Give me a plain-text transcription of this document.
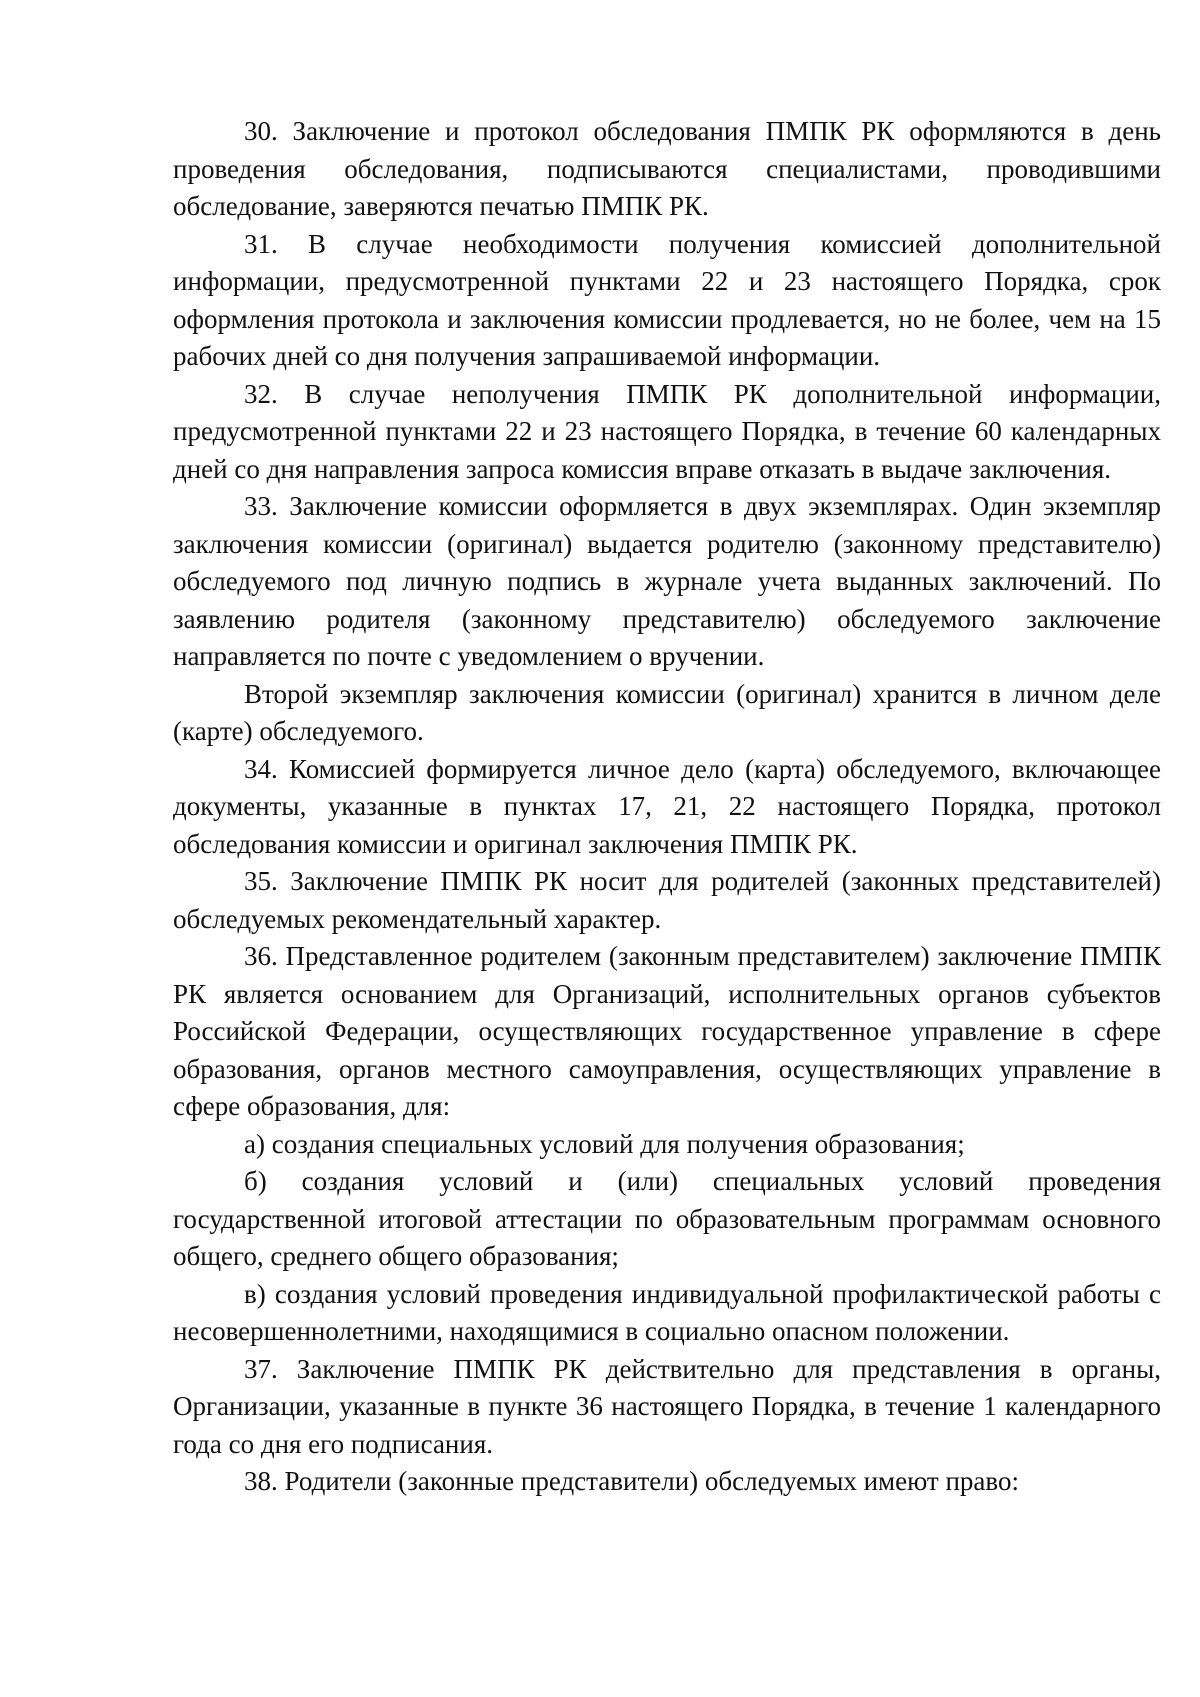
30. Заключение и протокол обследования ПМПК РК оформляются в день проведения обследования, подписываются специалистами, проводившими обследование, заверяются печатью ПМПК РК.

31. В случае необходимости получения комиссией дополнительной информации, предусмотренной пунктами 22 и 23 настоящего Порядка, срок оформления протокола и заключения комиссии продлевается, но не более, чем на 15 рабочих дней со дня получения запрашиваемой информации.

32. В случае неполучения ПМПК РК дополнительной информации, предусмотренной пунктами 22 и 23 настоящего Порядка, в течение 60 календарных дней со дня направления запроса комиссия вправе отказать в выдаче заключения.

33. Заключение комиссии оформляется в двух экземплярах. Один экземпляр заключения комиссии (оригинал) выдается родителю (законному представителю) обследуемого под личную подпись в журнале учета выданных заключений. По заявлению родителя (законному представителю) обследуемого заключение направляется по почте с уведомлением о вручении.

Второй экземпляр заключения комиссии (оригинал) хранится в личном деле (карте) обследуемого.

34. Комиссией формируется личное дело (карта) обследуемого, включающее документы, указанные в пунктах 17, 21, 22 настоящего Порядка, протокол обследования комиссии и оригинал заключения ПМПК РК.

35. Заключение ПМПК РК носит для родителей (законных представителей) обследуемых рекомендательный характер.

36. Представленное родителем (законным представителем) заключение ПМПК РК является основанием для Организаций, исполнительных органов субъектов Российской Федерации, осуществляющих государственное управление в сфере образования, органов местного самоуправления, осуществляющих управление в сфере образования, для:

а) создания специальных условий для получения образования;

б) создания условий и (или) специальных условий проведения государственной итоговой аттестации по образовательным программам основного общего, среднего общего образования;

в) создания условий проведения индивидуальной профилактической работы с несовершеннолетними, находящимися в социально опасном положении.

37. Заключение ПМПК РК действительно для представления в органы, Организации, указанные в пункте 36 настоящего Порядка, в течение 1 календарного года со дня его подписания.

38. Родители (законные представители) обследуемых имеют право:
